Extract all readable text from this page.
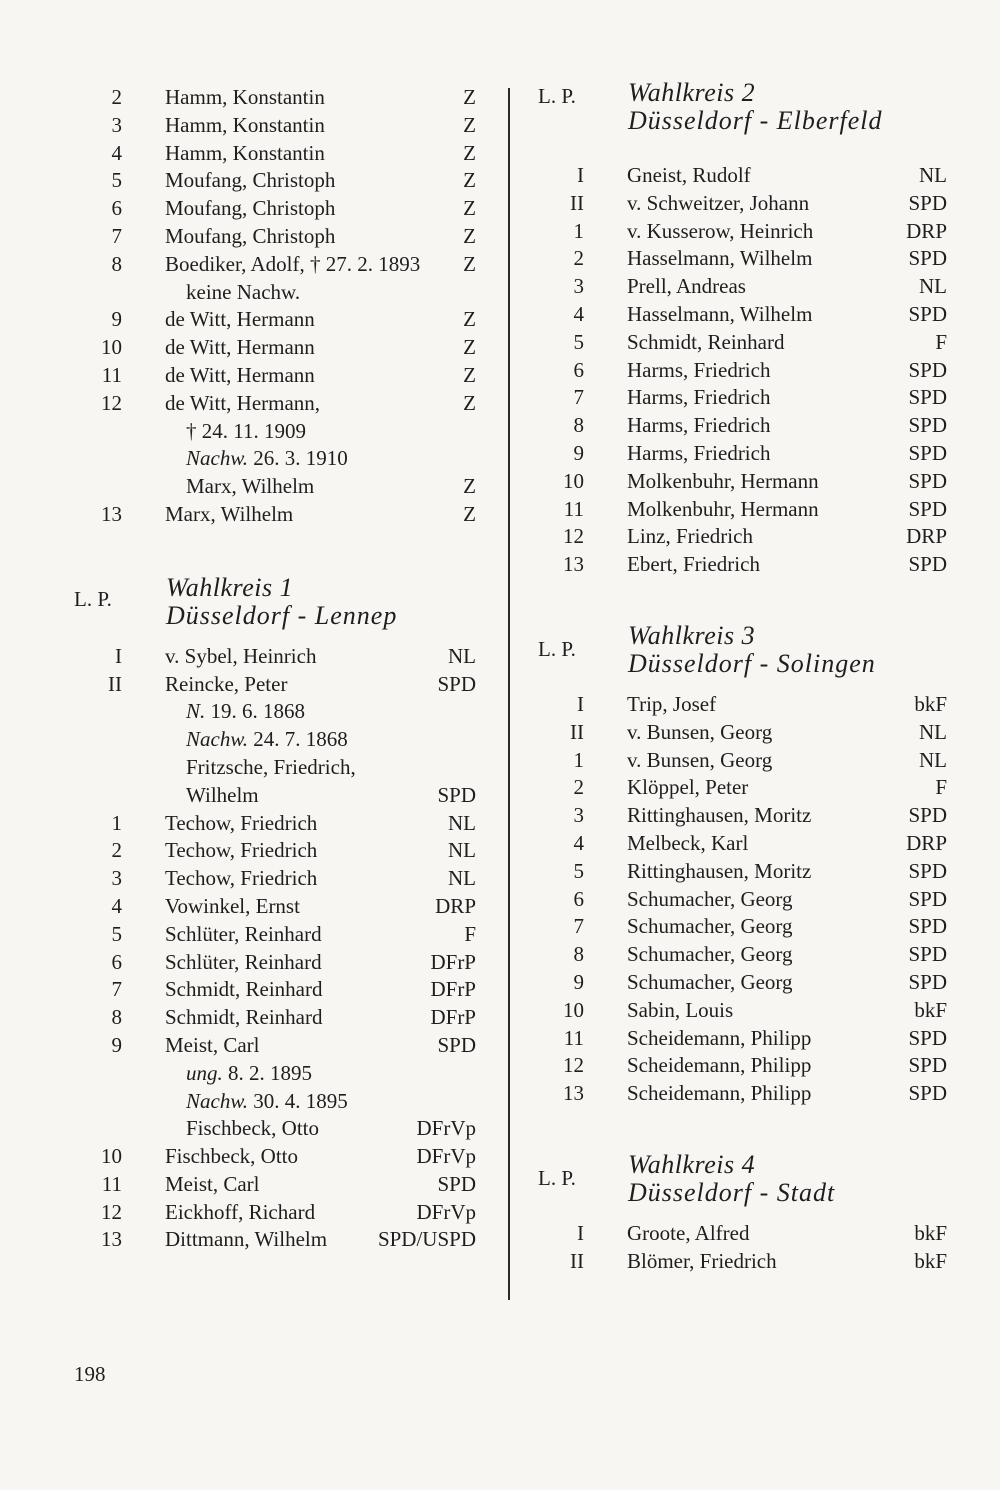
2 Hamm, Konstantin	Z
3 Hamm, Konstantin	Z
4 Hamm, Konstantin	Z
5 Moufang, Christoph	Z
6 Moufang, Christoph	Z
7 Moufang, Christoph	Z
8 Boediker, Adolf, † 27. 2. 1893 Z
keine Nachw.
9 de Witt, Hermann	Z
10 de Witt, Hermann	Z
11 de Witt, Hermann	Z
12 de Witt, Hermann,	Z
† 24. 11. 1909
Nachw. 26. 3. 1910
Marx, Wilhelm	Z
13 Marx, Wilhelm	Z
L. P. Wahlkreis 1
Düsseldorf - Lennep
I v. Sybel, Heinrich	NL
II Reincke, Peter	SPD
N. 19. 6. 1868
Nachw. 24. 7. 1868
Fritzsche, Friedrich,
Wilhelm	SPD
1 Techow, Friedrich	NL
2 Techow, Friedrich	NL
3 Techow, Friedrich	NL
4 Vowinkel, Ernst	DRP
5 Schlüter, Reinhard	F
6 Schlüter, Reinhard	DFrP
7 Schmidt, Reinhard	DFrP
8 Schmidt, Reinhard	DFrP
9 Meist, Carl	SPD
ung. 8. 2. 1895
Nachw. 30. 4. 1895
Fischbeck, Otto	DFrVp
10 Fischbeck, Otto	DFrVp
11 Meist, Carl	SPD
12 Eickhoff, Richard	DFrVp
13 Dittmann, Wilhelm SPD/USPD
L. P. Wahlkreis 2
Düsseldorf - Elberfeld
I Gneist, Rudolf	NL
II v. Schweitzer, Johann	SPD
1 v. Kusserow, Heinrich	DRP
2 Hasselmann, Wilhelm	SPD
3 Prell, Andreas	NL
4 Hasselmann, Wilhelm	SPD
5 Schmidt, Reinhard	F
6 Harms, Friedrich	SPD
7 Harms, Friedrich	SPD
8 Harms, Friedrich	SPD
9 Harms, Friedrich	SPD
10 Molkenbuhr, Hermann	SPD
11 Molkenbuhr, Hermann	SPD
12 Linz, Friedrich	DRP
13 Ebert, Friedrich	SPD
L. P. Wahlkreis 3
Düsseldorf - Solingen
I Trip, Josef	bkF
II v. Bunsen, Georg	NL
1 v. Bunsen, Georg	NL
2 Klöppel, Peter	F
3 Rittinghausen, Moritz	SPD
4 Melbeck, Karl	DRP
5 Rittinghausen, Moritz	SPD
6 Schumacher, Georg	SPD
7 Schumacher, Georg	SPD
8 Schumacher, Georg	SPD
9 Schumacher, Georg	SPD
10 Sabin, Louis	bkF
11 Scheidemann, Philipp	SPD
12 Scheidemann, Philipp	SPD
13 Scheidemann, Philipp	SPD
L. P. Wahlkreis 4
Düsseldorf - Stadt
I Groote, Alfred	bkF
II Blömer, Friedrich	bkF
198
